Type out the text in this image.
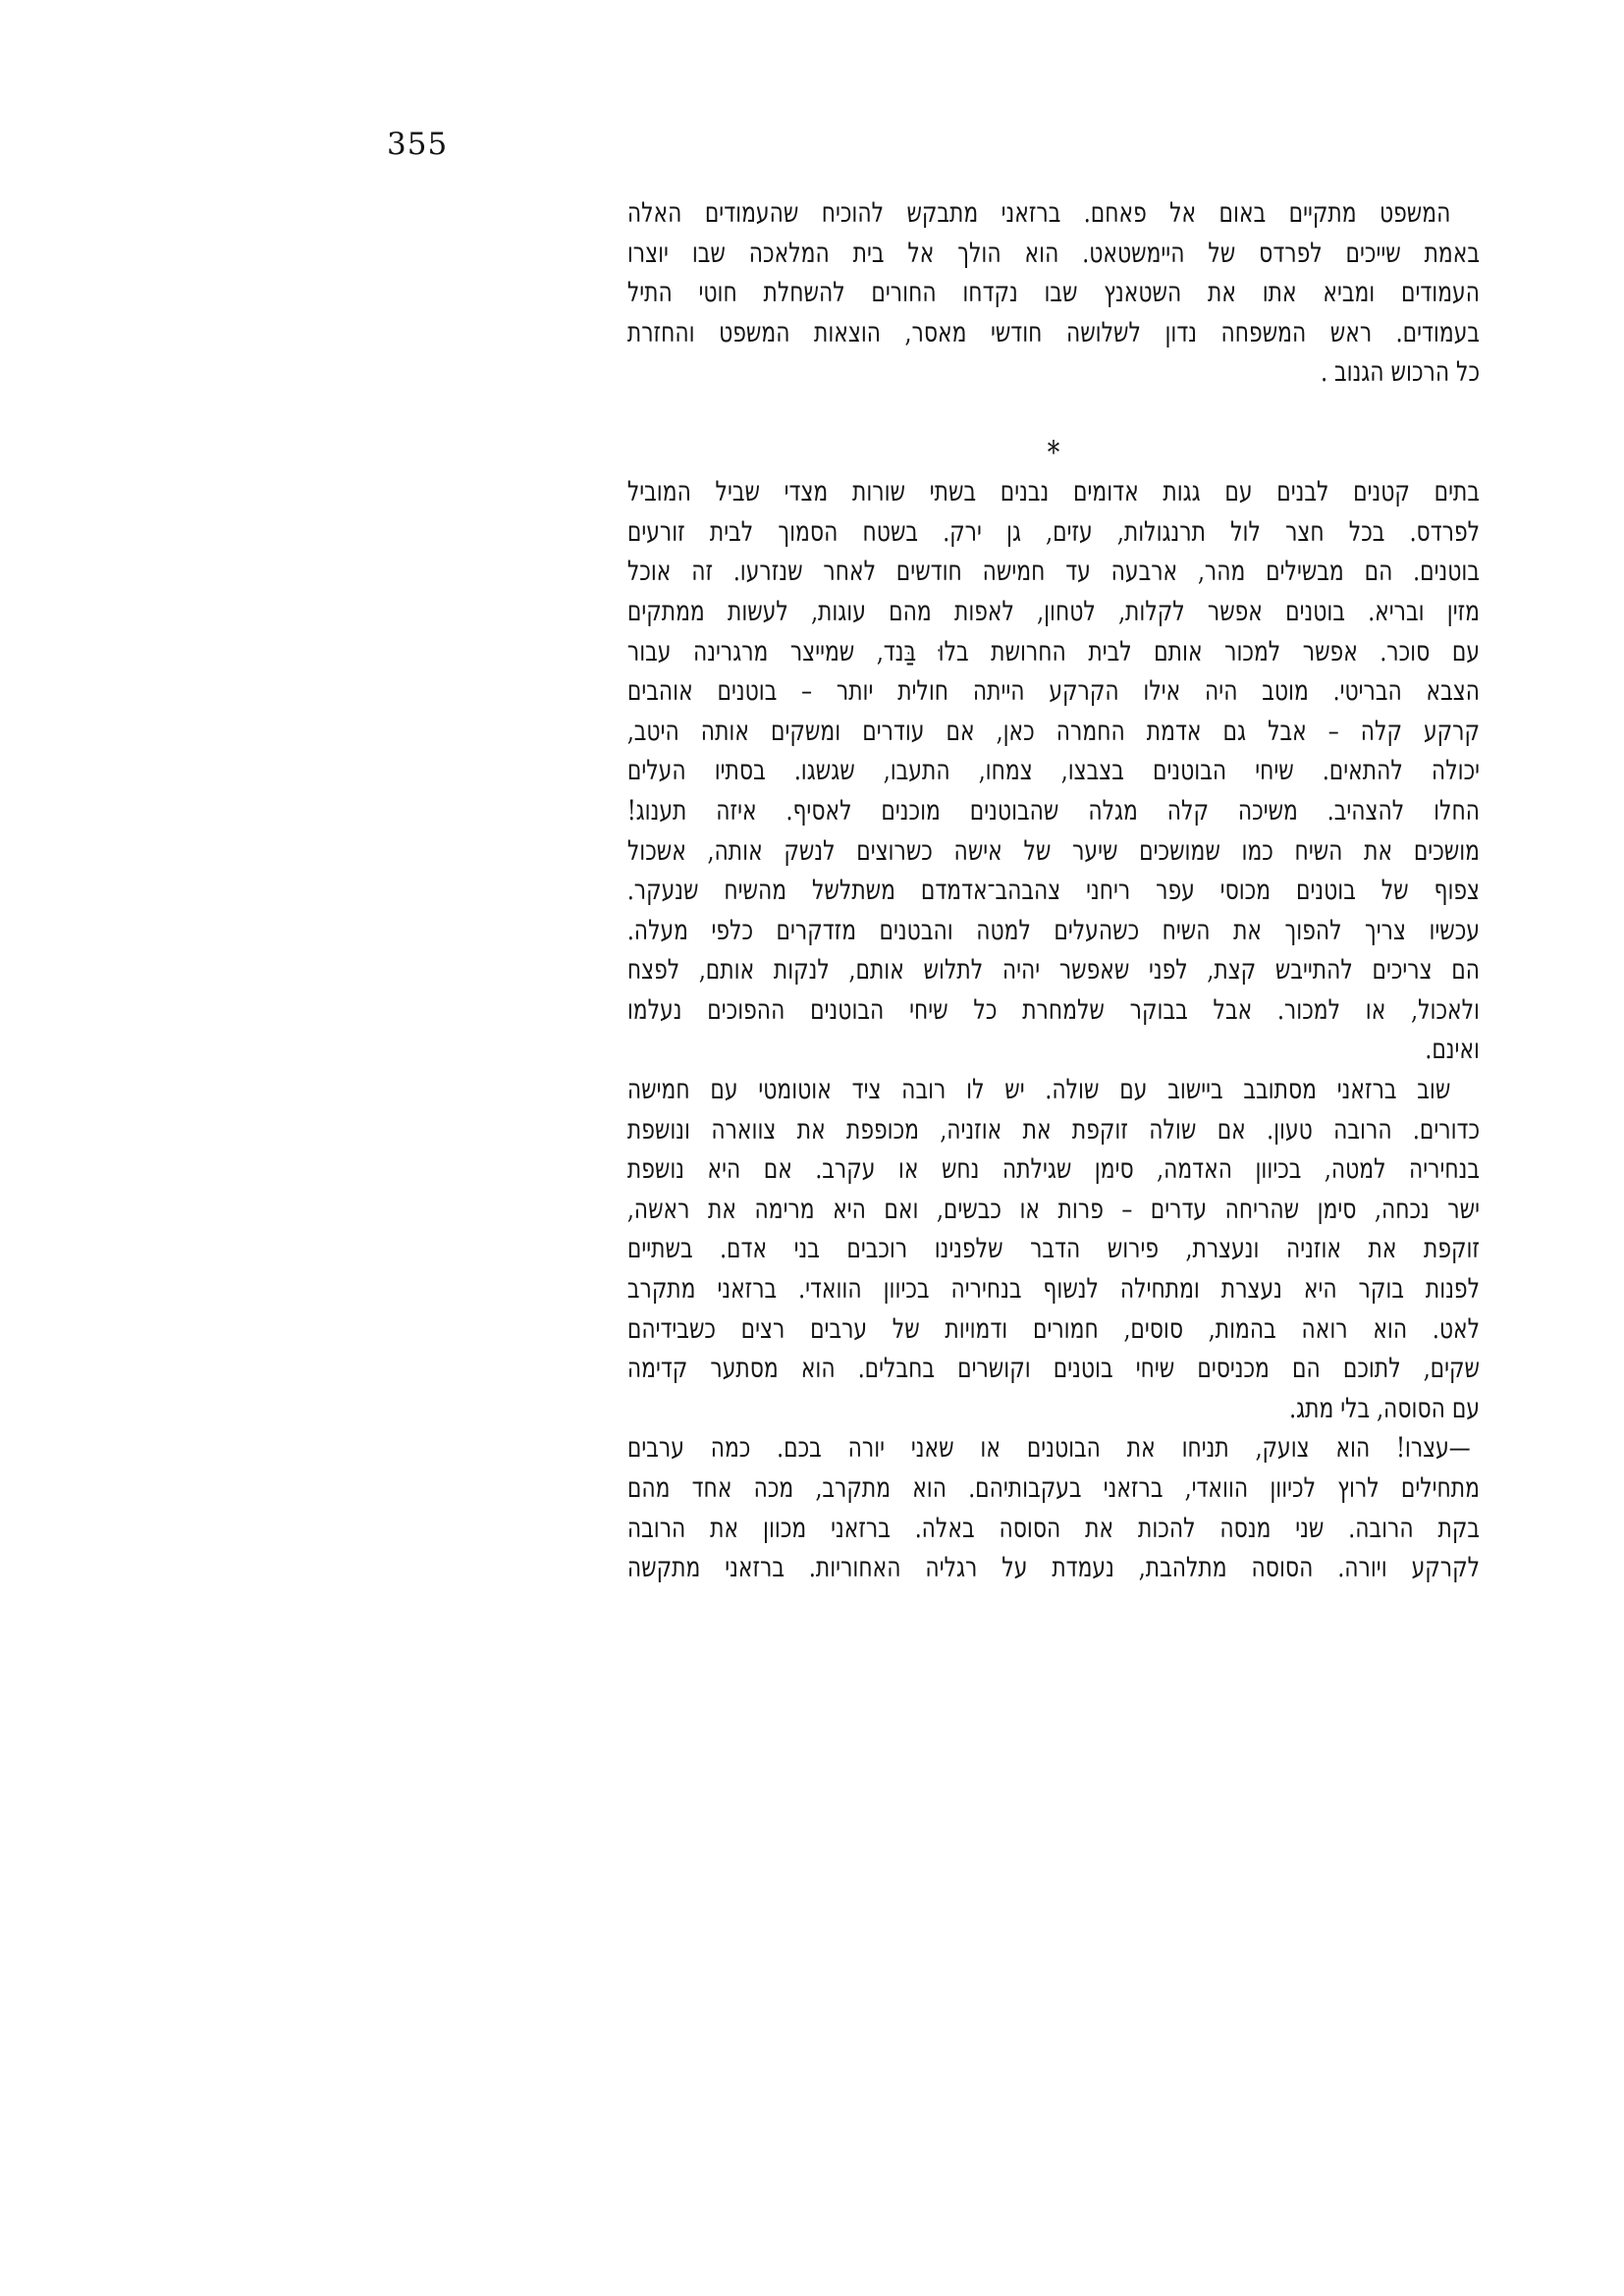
355
המשפט מתקיים באום אל פאחם. ברזאני מתבקש להוכיח שהעמודים האלה
באמת שייכים לפרדס של היימשטאט. הוא הולך אל בית המלאכה שבו יוצרו
העמודים ומביא אתו את השטאנץ שבו נקדחו החורים להשחלת חוטי התיל
בעמודים. ראש המשפחה נדון לשלושה חודשי מאסר, הוצאות המשפט והחזרת
כל הרכוש הגנוב .
*
בתים קטנים לבנים עם גגות אדומים נבנים בשתי שורות מצדי שביל המוביל
לפרדס. בכל חצר לול תרנגולות, עזים, גן ירק. בשטח הסמוך לבית זורעים
בוטנים. הם מבשילים מהר, ארבעה עד חמישה חודשים לאחר שנזרעו. זה אוכל
מזין ובריא. בוטנים אפשר לקלות, לטחון, לאפות מהם עוגות, לעשות ממתקים
עם סוכר. אפשר למכור אותם לבית החרושת בלוּ בַּנד, שמייצר מרגרינה עבור
הצבא הבריטי. מוטב היה אילו הקרקע הייתה חולית יותר – בוטנים אוהבים
קרקע קלה – אבל גם אדמת החמרה כאן, אם עודרים ומשקים אותה היטב,
יכולה להתאים. שיחי הבוטנים בצבצו, צמחו, התעבו, שגשגו. בסתיו העלים
החלו להצהיב. משיכה קלה מגלה שהבוטנים מוכנים לאסיף. איזה תענוג!
מושכים את השיח כמו שמושכים שיער של אישה כשרוצים לנשק אותה, אשכול
צפוף של בוטנים מכוסי עפר ריחני צהבהב־אדמדם משתלשל מהשיח שנעקר.
עכשיו צריך להפוך את השיח כשהעלים למטה והבטנים מזדקרים כלפי מעלה.
הם צריכים להתייבש קצת, לפני שאפשר יהיה לתלוש אותם, לנקות אותם, לפצח
ולאכול, או למכור. אבל בבוקר שלמחרת כל שיחי הבוטנים ההפוכים נעלמו
ואינם.
שוב ברזאני מסתובב ביישוב עם שולה. יש לו רובה ציד אוטומטי עם חמישה
כדורים. הרובה טעון. אם שולה זוקפת את אוזניה, מכופפת את צווארה ונושפת
בנחיריה למטה, בכיוון האדמה, סימן שגילתה נחש או עקרב. אם היא נושפת
ישר נכחה, סימן שהריחה עדרים – פרות או כבשים, ואם היא מרימה את ראשה,
זוקפת את אוזניה ונעצרת, פירוש הדבר שלפנינו רוכבים בני אדם. בשתיים
לפנות בוקר היא נעצרת ומתחילה לנשוף בנחיריה בכיוון הוואדי. ברזאני מתקרב
לאט. הוא רואה בהמות, סוסים, חמורים ודמויות של ערבים רצים כשבידיהם
שקים, לתוכם הם מכניסים שיחי בוטנים וקושרים בחבלים. הוא מסתער קדימה
עם הסוסה, בלי מתג.
—עצרו! הוא צועק, תניחו את הבוטנים או שאני יורה בכם. כמה ערבים
מתחילים לרוץ לכיוון הוואדי, ברזאני בעקבותיהם. הוא מתקרב, מכה אחד מהם
בקת הרובה. שני מנסה להכות את הסוסה באלה. ברזאני מכוון את הרובה
לקרקע ויורה. הסוסה מתלהבת, נעמדת על רגליה האחוריות. ברזאני מתקשה
